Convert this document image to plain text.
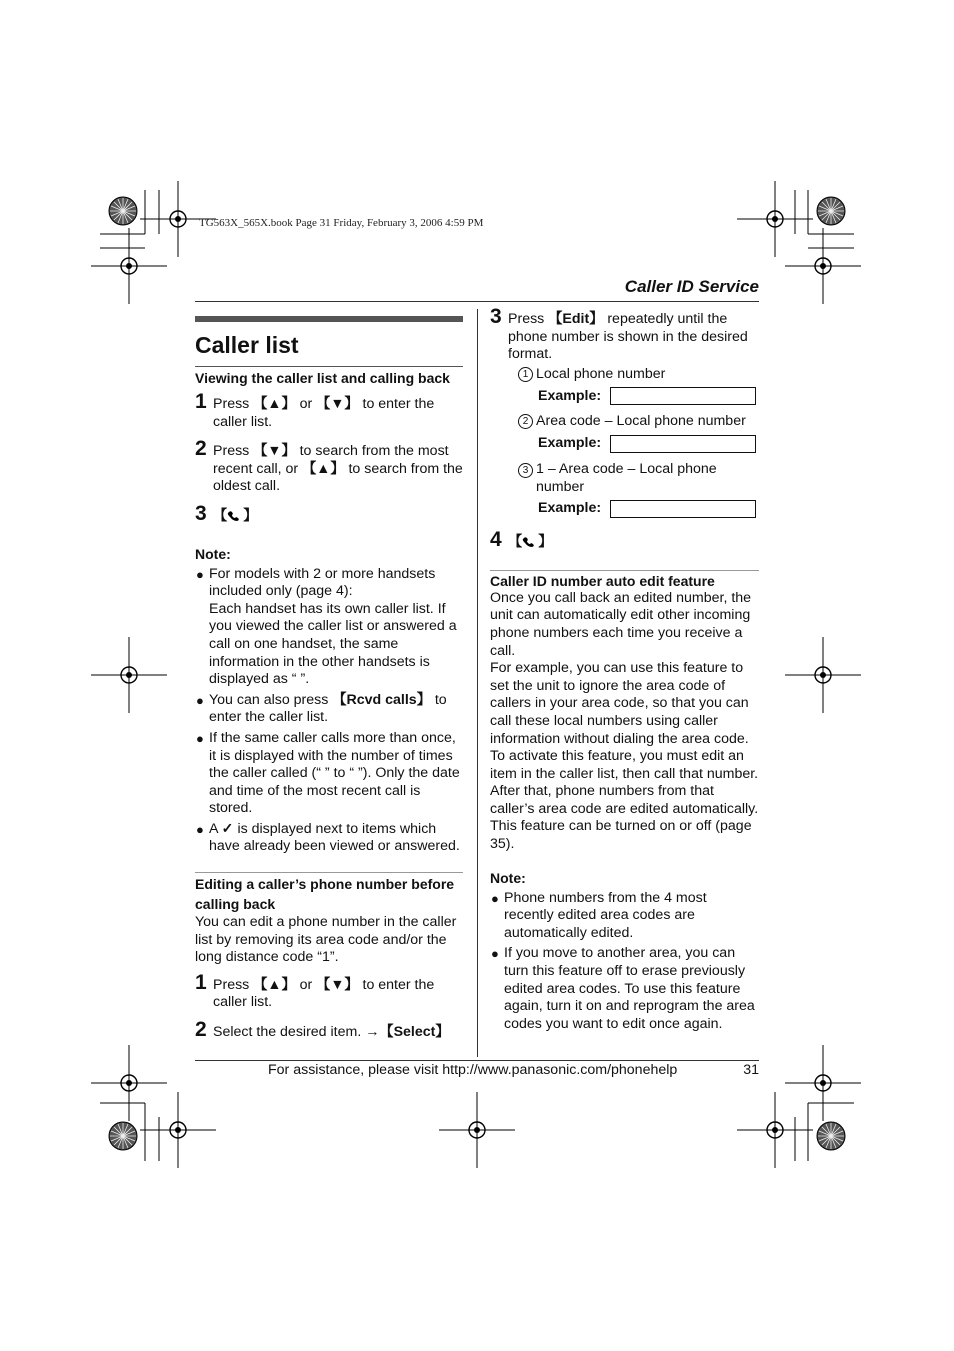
TG563X_565X.book Page 31 Friday, February 3, 2006 4:59 PM
Caller ID Service
Caller list
Viewing the caller list and calling back
1 Press 【▲】 or 【▼】 to enter the caller list.
2 Press 【▼】 to search from the most recent call, or 【▲】 to search from the oldest call.
3 【 】
Note:
● For models with 2 or more handsets included only (page 4):

Each handset has its own caller list. If you viewed the caller list or answered a call on one handset, the same information in the other handsets is displayed as “ ”.

● You can also press 【Rcvd calls】 to enter the caller list.
● If the same caller calls more than once, it is displayed with the number of times the caller called (“ ” to “ ”). Only the date and time of the most recent call is stored.

● A ✓ is displayed next to items which have already been viewed or answered.
Editing a caller’s phone number before calling back

You can edit a phone number in the caller list by removing its area code and/or the long distance code “1”.

1 Press 【▲】 or 【▼】 to enter the caller list.
2 Select the desired item. →【Select】
3 Press 【Edit】 repeatedly until the phone number is shown in the desired format.
1 Local phone number
Example:
2 Area code – Local phone number
Example:
3 1 – Area code – Local phone number
Example:
4 【 】
Caller ID number auto edit feature

Once you call back an edited number, the unit can automatically edit other incoming phone numbers each time you receive a call.

For example, you can use this feature to set the unit to ignore the area code of callers in your area code, so that you can call these local numbers using caller information without dialing the area code. To activate this feature, you must edit an item in the caller list, then call that number. After that, phone numbers from that caller’s area code are edited automatically. This feature can be turned on or off (page 35).

Note:
● Phone numbers from the 4 most recently edited area codes are automatically edited.

● If you move to another area, you can turn this feature off to erase previously edited area codes. To use this feature again, turn it on and reprogram the area codes you want to edit once again.

For assistance, please visit http://www.panasonic.com/phonehelp	31
